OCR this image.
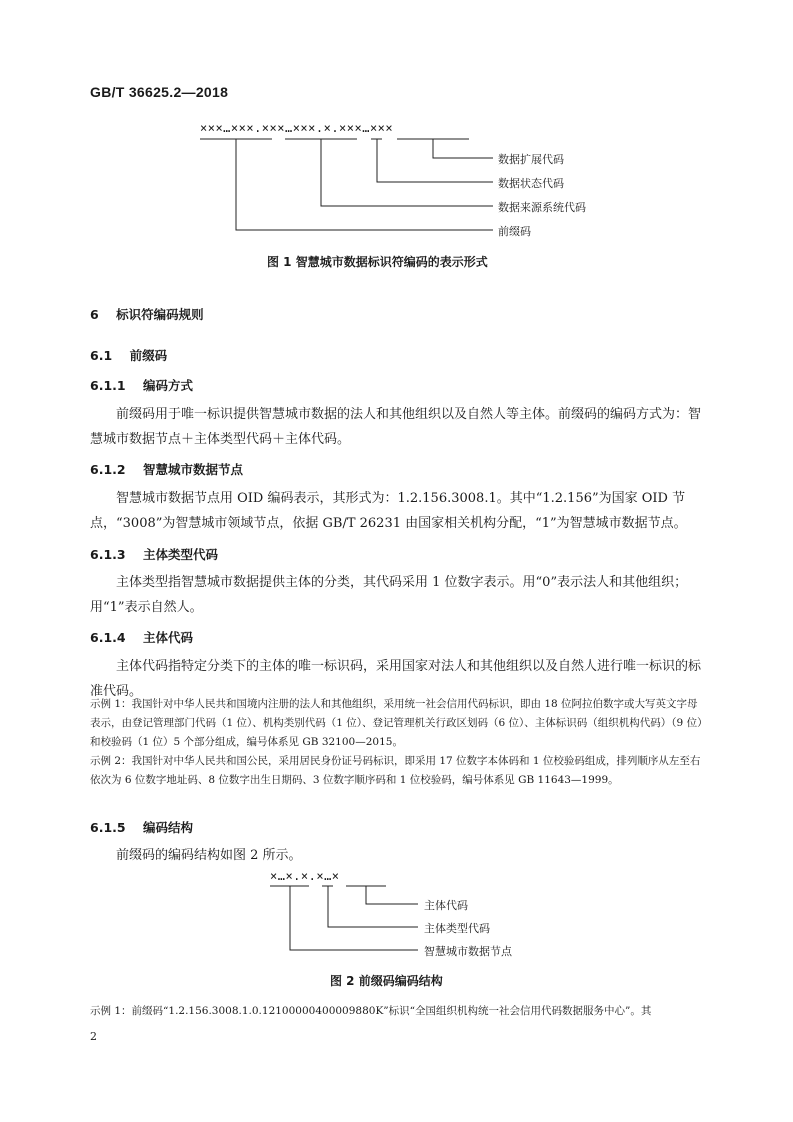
GB/T 36625.2—2018
×××…×××.×××…×××.×.×××…×××
数据扩展代码
数据状态代码
数据来源系统代码
前缀码
图 1 智慧城市数据标识符编码的表示形式
6 标识符编码规则
6.1 前缀码
6.1.1 编码方式
前缀码用于唯一标识提供智慧城市数据的法人和其他组织以及自然人等主体。前缀码的编码方式为：智慧城市数据节点＋主体类型代码＋主体代码。
6.1.2 智慧城市数据节点
智慧城市数据节点用 OID 编码表示，其形式为：1.2.156.3008.1。其中“1.2.156”为国家 OID 节点，“3008”为智慧城市领域节点，依据 GB/T 26231 由国家相关机构分配，“1”为智慧城市数据节点。
6.1.3 主体类型代码
主体类型指智慧城市数据提供主体的分类，其代码采用 1 位数字表示。用“0”表示法人和其他组织；用“1”表示自然人。
6.1.4 主体代码
主体代码指特定分类下的主体的唯一标识码，采用国家对法人和其他组织以及自然人进行唯一标识的标准代码。
示例 1：我国针对中华人民共和国境内注册的法人和其他组织，采用统一社会信用代码标识，即由 18 位阿拉伯数字或大写英文字母表示，由登记管理部门代码（1 位）、机构类别代码（1 位）、登记管理机关行政区划码（6 位）、主体标识码（组织机构代码）（9 位）和校验码（1 位）5 个部分组成，编号体系见 GB 32100—2015。
示例 2：我国针对中华人民共和国公民，采用居民身份证号码标识，即采用 17 位数字本体码和 1 位校验码组成，排列顺序从左至右依次为 6 位数字地址码、8 位数字出生日期码、3 位数字顺序码和 1 位校验码，编号体系见 GB 11643—1999。
6.1.5 编码结构
前缀码的编码结构如图 2 所示。
×…×.×.×…×
主体代码
主体类型代码
智慧城市数据节点
图 2 前缀码编码结构
示例 1：前缀码“1.2.156.3008.1.0.12100000400009880K”标识“全国组织机构统一社会信用代码数据服务中心”。其
2
